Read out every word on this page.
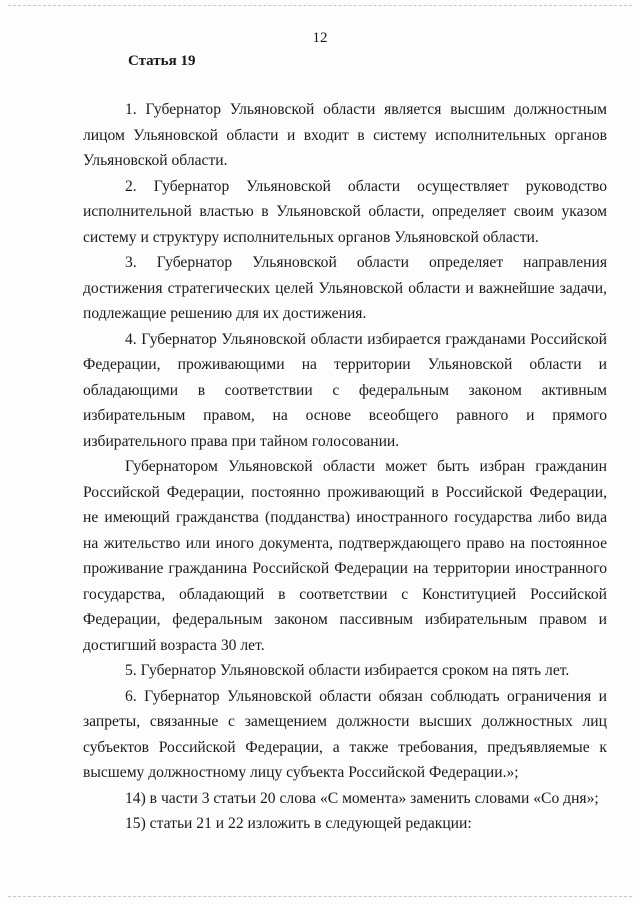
12
Статья 19

1. Губернатор Ульяновской области является высшим должностным лицом Ульяновской области и входит в систему исполнительных органов Ульяновской области.

2. Губернатор Ульяновской области осуществляет руководство исполнительной властью в Ульяновской области, определяет своим указом систему и структуру исполнительных органов Ульяновской области.

3. Губернатор Ульяновской области определяет направления достижения стратегических целей Ульяновской области и важнейшие задачи, подлежащие решению для их достижения.

4. Губернатор Ульяновской области избирается гражданами Российской Федерации, проживающими на территории Ульяновской области и обладающими в соответствии с федеральным законом активным избирательным правом, на основе всеобщего равного и прямого избирательного права при тайном голосовании.

Губернатором Ульяновской области может быть избран гражданин Российской Федерации, постоянно проживающий в Российской Федерации, не имеющий гражданства (подданства) иностранного государства либо вида на жительство или иного документа, подтверждающего право на постоянное проживание гражданина Российской Федерации на территории иностранного государства, обладающий в соответствии с Конституцией Российской Федерации, федеральным законом пассивным избирательным правом и достигший возраста 30 лет.

5. Губернатор Ульяновской области избирается сроком на пять лет.

6. Губернатор Ульяновской области обязан соблюдать ограничения и запреты, связанные с замещением должности высших должностных лиц субъектов Российской Федерации, а также требования, предъявляемые к высшему должностному лицу субъекта Российской Федерации.»;

14) в части 3 статьи 20 слова «С момента» заменить словами «Со дня»;

15) статьи 21 и 22 изложить в следующей редакции:
